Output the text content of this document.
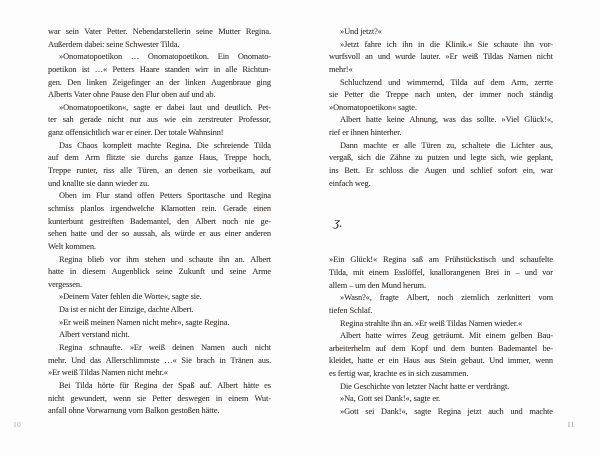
war sein Vater Petter. Nebendarstellerin seine Mutter Regina.
Außerdem dabei: seine Schwester Tilda.
»Onomatopoetikon … Onomatopoetikon. Ein Onomato-
poetikon ist …« Petters Haare standen wirr in alle Richtun-
gen. Den linken Zeigefinger an der linken Augenbraue ging
Alberts Vater ohne Pause den Flur oben auf und ab.
»Onomatopoetikon«, sagte er dabei laut und deutlich. Pet-
ter sah gerade nicht nur aus wie ein zerstreuter Professor,
ganz offensichtlich war er einer. Der totale Wahnsinn!
Das Chaos komplett machte Regina. Die schreiende Tilda
auf dem Arm flitzte sie durchs ganze Haus, Treppe hoch,
Treppe runter, riss alle Türen, an denen sie vorbeikam, auf
und knallte sie dann wieder zu.
Oben im Flur stand offen Petters Sporttasche und Regina
schmiss planlos irgendwelche Klamotten rein. Gerade einen
kunterbunt gestreiften Bademantel, den Albert noch nie ge-
sehen hatte und der so aussah, als würde er aus einer anderen
Welt kommen.
Regina blieb vor ihm stehen und schaute ihn an. Albert
hatte in diesem Augenblick seine Zukunft und seine Arme
vergessen.
»Deinem Vater fehlen die Worte«, sagte sie.
Da ist er nicht der Einzige, dachte Albert.
»Er weiß meinen Namen nicht mehr«, sagte Regina.
Albert verstand nicht.
Regina schnaufte. »Er weiß deinen Namen auch nicht
mehr. Und das Allerschlimmste …« Sie brach in Tränen aus.
»Er weiß Tildas Namen nicht mehr.«
Bei Tilda hörte für Regina der Spaß auf. Albert hätte es
nicht gewundert, wenn sie Petter deswegen in einem Wut-
anfall ohne Vorwarnung vom Balkon gestoßen hätte.
»Und jetzt?«
»Jetzt fahre ich ihn in die Klinik.« Sie schaute ihn vor-
wurfsvoll an und wurde lauter. »Er weiß Tildas Namen nicht
mehr!«
Schluchzend und wimmernd, Tilda auf dem Arm, zerrte
sie Petter die Treppe nach unten, der immer noch ständig
»Onomatopoetikon« sagte.
Albert hatte keine Ahnung, was das sollte. »Viel Glück!«,
rief er ihnen hinterher.
Dann machte er alle Türen zu, schaltete die Lichter aus,
vergaß, sich die Zähne zu putzen und legte sich, wie geplant,
ins Bett. Er schloss die Augen und schlief sofort ein, war
einfach weg.
ʒ.
»Ein Glück!« Regina saß am Frühstückstisch und schaufelte
Tilda, mit einem Esslöffel, knallorangenen Brei in – und vor
allem – um den Mund herum.
»Wasn?«, fragte Albert, noch ziemlich zerknittert vom
tiefen Schlaf.
Regina strahlte ihn an. »Er weiß Tildas Namen wieder.«
Albert hatte wirres Zeug geträumt. Mit einem gelben Bau-
arbeiterhelm auf dem Kopf und dem bunten Bademantel be-
kleidet, hatte er ein Haus aus Stein gebaut. Und immer, wenn
es fertig war, krachte es in sich zusammen.
Die Geschichte von letzter Nacht hatte er verdrängt.
»Na, Gott sei Dank!«, sagte er.
»Gott sei Dank!«, sagte Regina jetzt auch und machte
10	11
